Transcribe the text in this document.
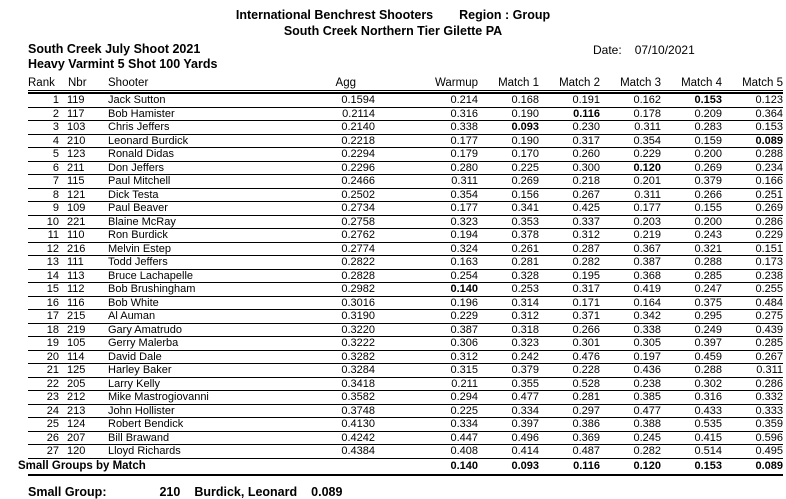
International Benchrest Shooters Region : Group
South Creek Northern Tier Gilette PA
South Creek July Shoot 2021
Heavy Varmint 5 Shot 100 Yards
Date: 07/10/2021
Rank	Nbr	Shooter	Agg	Warmup	Match 1	Match 2	Match 3	Match 4	Match 5
1 119	Jack Sutton	0.1594	0.214	0.168	0.191	0.162	0.153	0.123
2 117	Bob Hamister	0.2114	0.316	0.190	0.116	0.178	0.209	0.364
3 103	Chris Jeffers	0.2140	0.338	0.093	0.230	0.311	0.283	0.153
4 210	Leonard Burdick	0.2218	0.177	0.190	0.317	0.354	0.159	0.089
5 123	Ronald Didas	0.2294	0.179	0.170	0.260	0.229	0.200	0.288
6 211	Don Jeffers	0.2296	0.280	0.225	0.300	0.120	0.269	0.234
7 115	Paul Mitchell	0.2466	0.311	0.269	0.218	0.201	0.379	0.166
8 121	Dick Testa	0.2502	0.354	0.156	0.267	0.311	0.266	0.251
9 109	Paul Beaver	0.2734	0.177	0.341	0.425	0.177	0.155	0.269
10 221	Blaine McRay	0.2758	0.323	0.353	0.337	0.203	0.200	0.286
11 110	Ron Burdick	0.2762	0.194	0.378	0.312	0.219	0.243	0.229
12 216	Melvin Estep	0.2774	0.324	0.261	0.287	0.367	0.321	0.151
13 111	Todd Jeffers	0.2822	0.163	0.281	0.282	0.387	0.288	0.173
14 113	Bruce Lachapelle	0.2828	0.254	0.328	0.195	0.368	0.285	0.238
15 112	Bob Brushingham	0.2982	0.140	0.253	0.317	0.419	0.247	0.255
16 116	Bob White	0.3016	0.196	0.314	0.171	0.164	0.375	0.484
17 215	Al Auman	0.3190	0.229	0.312	0.371	0.342	0.295	0.275
18 219	Gary Amatrudo	0.3220	0.387	0.318	0.266	0.338	0.249	0.439
19 105	Gerry Malerba	0.3222	0.306	0.323	0.301	0.305	0.397	0.285
20 114	David Dale	0.3282	0.312	0.242	0.476	0.197	0.459	0.267
21 125	Harley Baker	0.3284	0.315	0.379	0.228	0.436	0.288	0.311
22 205	Larry Kelly	0.3418	0.211	0.355	0.528	0.238	0.302	0.286
23 212	Mike Mastrogiovanni	0.3582	0.294	0.477	0.281	0.385	0.316	0.332
24 213	John Hollister	0.3748	0.225	0.334	0.297	0.477	0.433	0.333
25 124	Robert Bendick	0.4130	0.334	0.397	0.386	0.388	0.535	0.359
26 207	Bill Brawand	0.4242	0.447	0.496	0.369	0.245	0.415	0.596
27 120	Lloyd Richards	0.4384	0.408	0.414	0.487	0.282	0.514	0.495
Small Groups by Match	0.140	0.093	0.116	0.120	0.153	0.089
Small Group:	210 Burdick, Leonard 0.089
